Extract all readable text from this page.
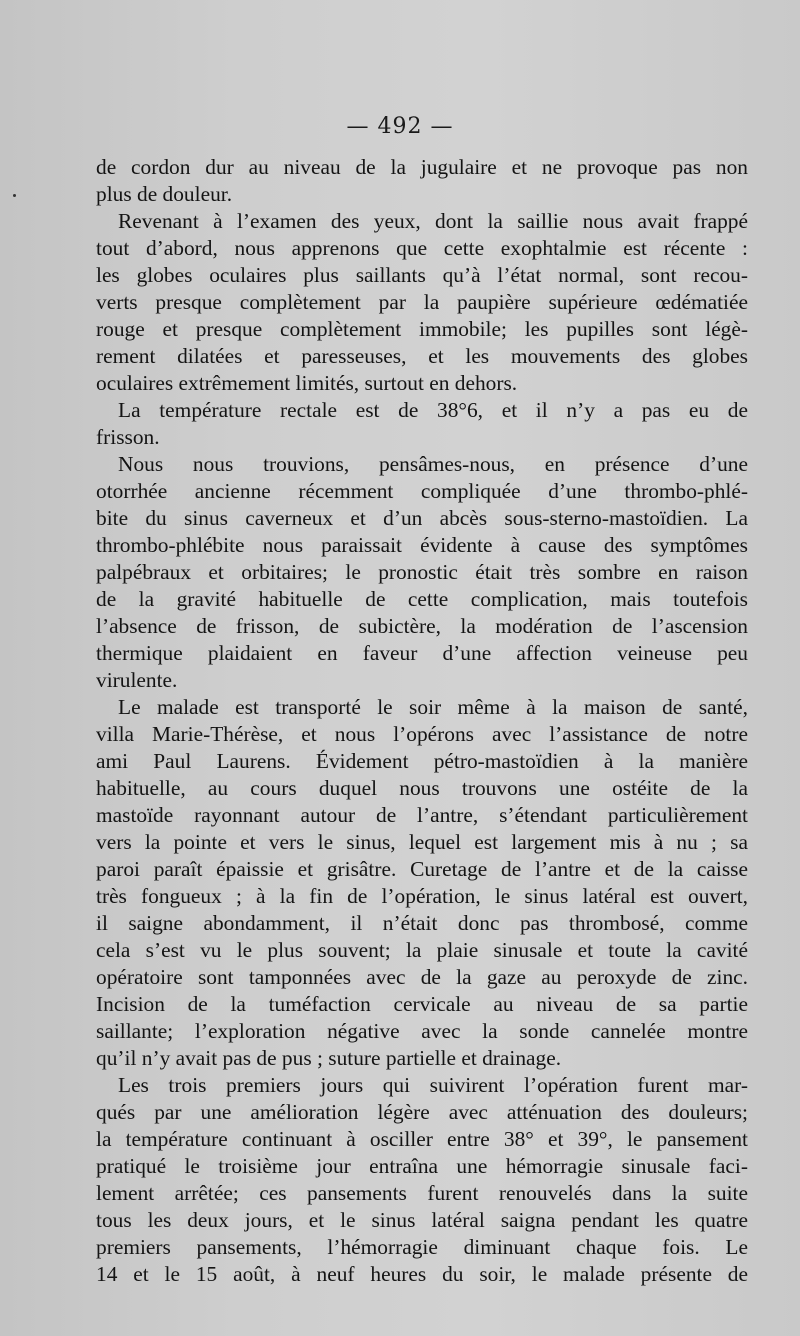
— 492 —
de cordon dur au niveau de la jugulaire et ne provoque pas non
plus de douleur.
Revenant à l’examen des yeux, dont la saillie nous avait frappé
tout d’abord, nous apprenons que cette exophtalmie est récente :
les globes oculaires plus saillants qu’à l’état normal, sont recou-
verts presque complètement par la paupière supérieure œdématiée
rouge et presque complètement immobile; les pupilles sont légè-
rement dilatées et paresseuses, et les mouvements des globes
oculaires extrêmement limités, surtout en dehors.
La température rectale est de 38°6, et il n’y a pas eu de
frisson.
Nous nous trouvions, pensâmes-nous, en présence d’une
otorrhée ancienne récemment compliquée d’une thrombo-phlé-
bite du sinus caverneux et d’un abcès sous-sterno-mastoïdien. La
thrombo-phlébite nous paraissait évidente à cause des symptômes
palpébraux et orbitaires; le pronostic était très sombre en raison
de la gravité habituelle de cette complication, mais toutefois
l’absence de frisson, de subictère, la modération de l’ascension
thermique plaidaient en faveur d’une affection veineuse peu
virulente.
Le malade est transporté le soir même à la maison de santé,
villa Marie-Thérèse, et nous l’opérons avec l’assistance de notre
ami Paul Laurens. Évidement pétro-mastoïdien à la manière
habituelle, au cours duquel nous trouvons une ostéite de la
mastoïde rayonnant autour de l’antre, s’étendant particulièrement
vers la pointe et vers le sinus, lequel est largement mis à nu ; sa
paroi paraît épaissie et grisâtre. Curetage de l’antre et de la caisse
très fongueux ; à la fin de l’opération, le sinus latéral est ouvert,
il saigne abondamment, il n’était donc pas thrombosé, comme
cela s’est vu le plus souvent; la plaie sinusale et toute la cavité
opératoire sont tamponnées avec de la gaze au peroxyde de zinc.
Incision de la tuméfaction cervicale au niveau de sa partie
saillante; l’exploration négative avec la sonde cannelée montre
qu’il n’y avait pas de pus ; suture partielle et drainage.
Les trois premiers jours qui suivirent l’opération furent mar-
qués par une amélioration légère avec atténuation des douleurs;
la température continuant à osciller entre 38° et 39°, le pansement
pratiqué le troisième jour entraîna une hémorragie sinusale faci-
lement arrêtée; ces pansements furent renouvelés dans la suite
tous les deux jours, et le sinus latéral saigna pendant les quatre
premiers pansements, l’hémorragie diminuant chaque fois. Le
14 et le 15 août, à neuf heures du soir, le malade présente de
